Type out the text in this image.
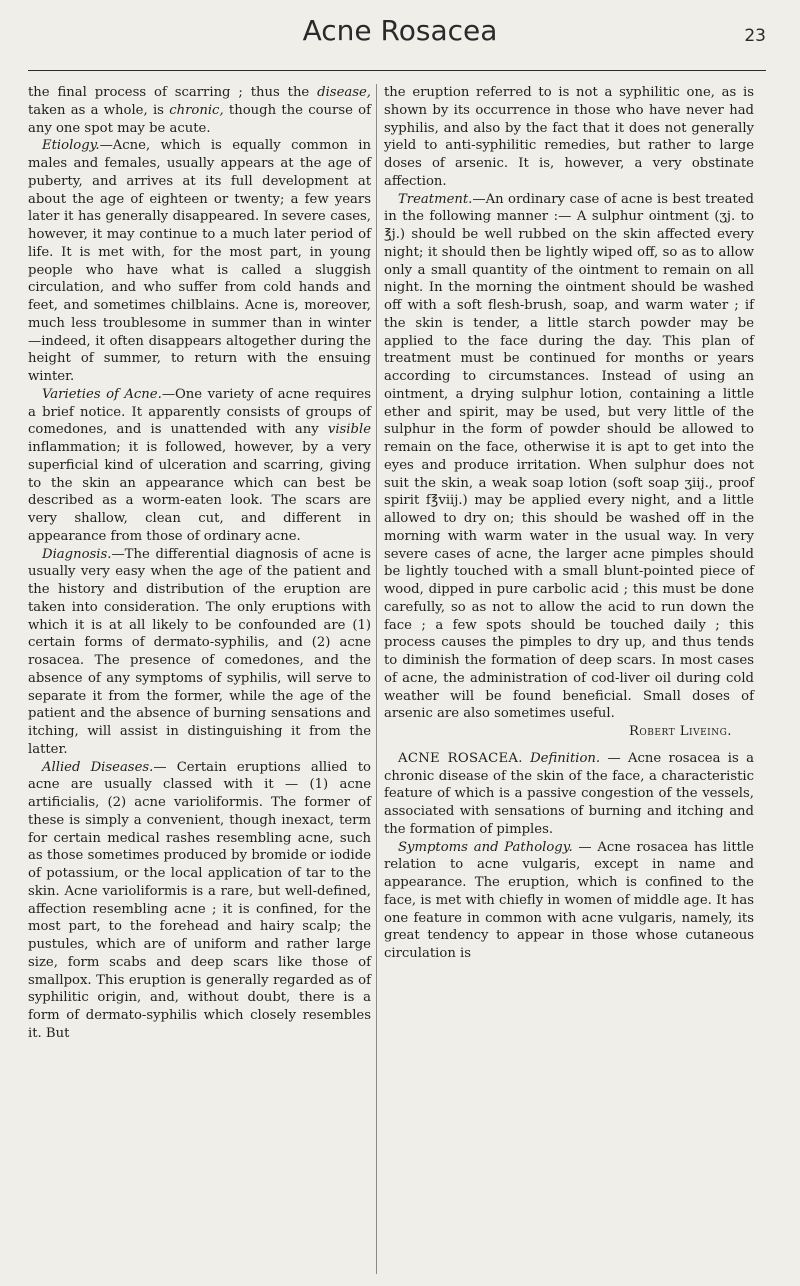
Acne Rosacea	23

the final process of scarring ; thus the disease, taken as a whole, is chronic, though the course of any one spot may be acute.

Etiology.—Acne, which is equally common in males and females, usually appears at the age of puberty, and arrives at its full development at about the age of eighteen or twenty; a few years later it has generally disappeared. In severe cases, however, it may continue to a much later period of life. It is met with, for the most part, in young people who have what is called a sluggish circulation, and who suffer from cold hands and feet, and sometimes chilblains. Acne is, moreover, much less troublesome in summer than in winter —indeed, it often disappears altogether during the height of summer, to return with the ensuing winter.

Varieties of Acne.—One variety of acne requires a brief notice. It apparently consists of groups of comedones, and is unattended with any visible inflammation; it is followed, however, by a very superficial kind of ulceration and scarring, giving to the skin an appearance which can best be described as a worm-eaten look. The scars are very shallow, clean cut, and different in appearance from those of ordinary acne.

Diagnosis.—The differential diagnosis of acne is usually very easy when the age of the patient and the history and distribution of the eruption are taken into consideration. The only eruptions with which it is at all likely to be confounded are (1) certain forms of dermato-syphilis, and (2) acne rosacea. The presence of comedones, and the absence of any symptoms of syphilis, will serve to separate it from the former, while the age of the patient and the absence of burning sensations and itching, will assist in distinguishing it from the latter.

Allied Diseases.— Certain eruptions allied to acne are usually classed with it — (1) acne artificialis, (2) acne varioliformis. The former of these is simply a convenient, though inexact, term for certain medical rashes resembling acne, such as those sometimes produced by bromide or iodide of potassium, or the local application of tar to the skin. Acne varioliformis is a rare, but well-defined, affection resembling acne ; it is confined, for the most part, to the forehead and hairy scalp; the pustules, which are of uniform and rather large size, form scabs and deep scars like those of smallpox. This eruption is generally regarded as of syphilitic origin, and, without doubt, there is a form of dermato-syphilis which closely resembles it. But

the eruption referred to is not a syphilitic one, as is shown by its occurrence in those who have never had syphilis, and also by the fact that it does not generally yield to anti-syphilitic remedies, but rather to large doses of arsenic. It is, however, a very obstinate affection.

Treatment.—An ordinary case of acne is best treated in the following manner :— A sulphur ointment (ʒj. to ℥j.) should be well rubbed on the skin affected every night; it should then be lightly wiped off, so as to allow only a small quantity of the ointment to remain on all night. In the morning the ointment should be washed off with a soft flesh-brush, soap, and warm water ; if the skin is tender, a little starch powder may be applied to the face during the day. This plan of treatment must be continued for months or years according to circumstances. Instead of using an ointment, a drying sulphur lotion, containing a little ether and spirit, may be used, but very little of the sulphur in the form of powder should be allowed to remain on the face, otherwise it is apt to get into the eyes and produce irritation. When sulphur does not suit the skin, a weak soap lotion (soft soap ʒiij., proof spirit f℥viij.) may be applied every night, and a little allowed to dry on; this should be washed off in the morning with warm water in the usual way. In very severe cases of acne, the larger acne pimples should be lightly touched with a small blunt-pointed piece of wood, dipped in pure carbolic acid ; this must be done carefully, so as not to allow the acid to run down the face ; a few spots should be touched daily ; this process causes the pimples to dry up, and thus tends to diminish the formation of deep scars. In most cases of acne, the administration of cod-liver oil during cold weather will be found beneficial. Small doses of arsenic are also sometimes useful.

Robert Liveing.

ACNE ROSACEA. Definition. — Acne rosacea is a chronic disease of the skin of the face, a characteristic feature of which is a passive congestion of the vessels, associated with sensations of burning and itching and the formation of pimples.

Symptoms and Pathology. — Acne rosacea has little relation to acne vulgaris, except in name and appearance. The eruption, which is confined to the face, is met with chiefly in women of middle age. It has one feature in common with acne vulgaris, namely, its great tendency to appear in those whose cutaneous circulation is
